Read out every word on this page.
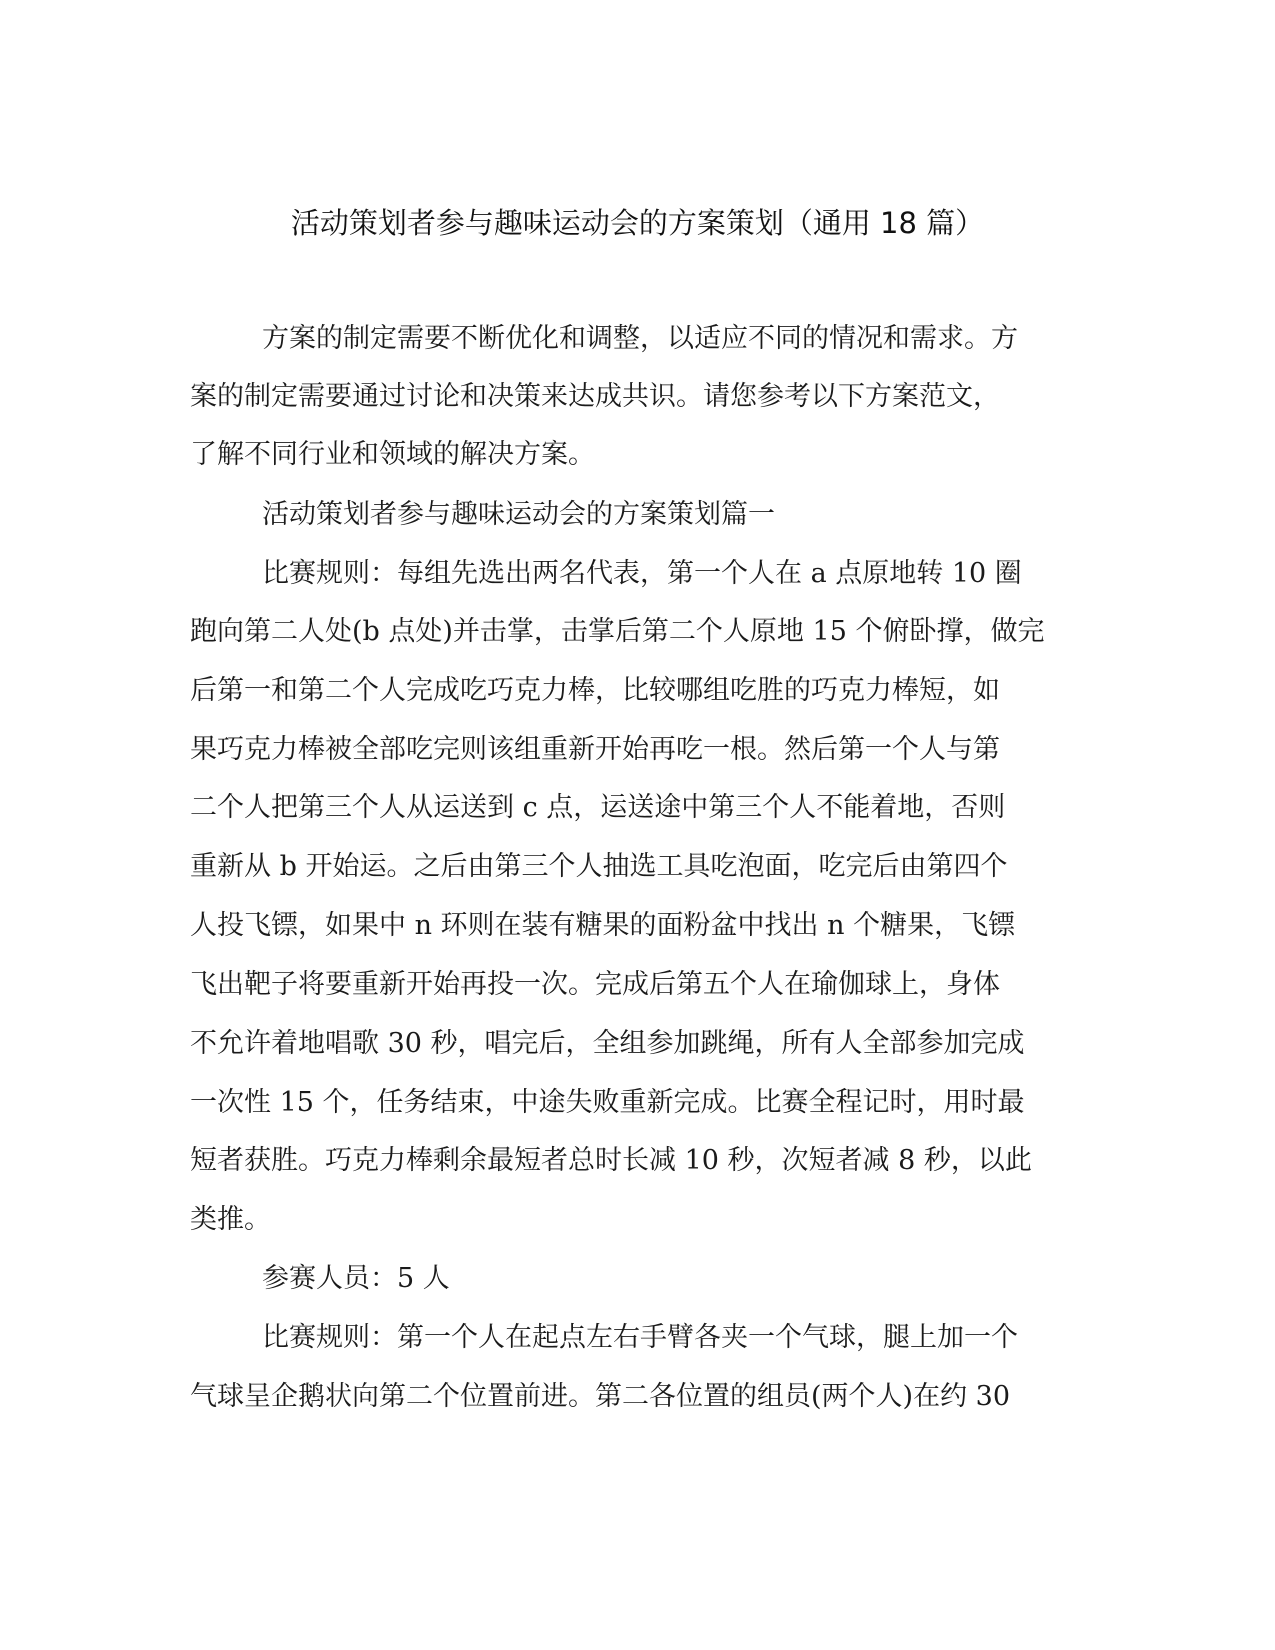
活动策划者参与趣味运动会的方案策划（通用 18 篇）
方案的制定需要不断优化和调整，以适应不同的情况和需求。方
案的制定需要通过讨论和决策来达成共识。请您参考以下方案范文，
了解不同行业和领域的解决方案。
活动策划者参与趣味运动会的方案策划篇一
比赛规则：每组先选出两名代表，第一个人在 a 点原地转 10 圈
跑向第二人处(b 点处)并击掌，击掌后第二个人原地 15 个俯卧撑，做完
后第一和第二个人完成吃巧克力棒，比较哪组吃胜的巧克力棒短，如
果巧克力棒被全部吃完则该组重新开始再吃一根。然后第一个人与第
二个人把第三个人从运送到 c 点，运送途中第三个人不能着地，否则
重新从 b 开始运。之后由第三个人抽选工具吃泡面，吃完后由第四个
人投飞镖，如果中 n 环则在装有糖果的面粉盆中找出 n 个糖果，飞镖
飞出靶子将要重新开始再投一次。完成后第五个人在瑜伽球上，身体
不允许着地唱歌 30 秒，唱完后，全组参加跳绳，所有人全部参加完成
一次性 15 个，任务结束，中途失败重新完成。比赛全程记时，用时最
短者获胜。巧克力棒剩余最短者总时长减 10 秒，次短者减 8 秒，以此
类推。
参赛人员：5 人
比赛规则：第一个人在起点左右手臂各夹一个气球，腿上加一个
气球呈企鹅状向第二个位置前进。第二各位置的组员(两个人)在约 30
